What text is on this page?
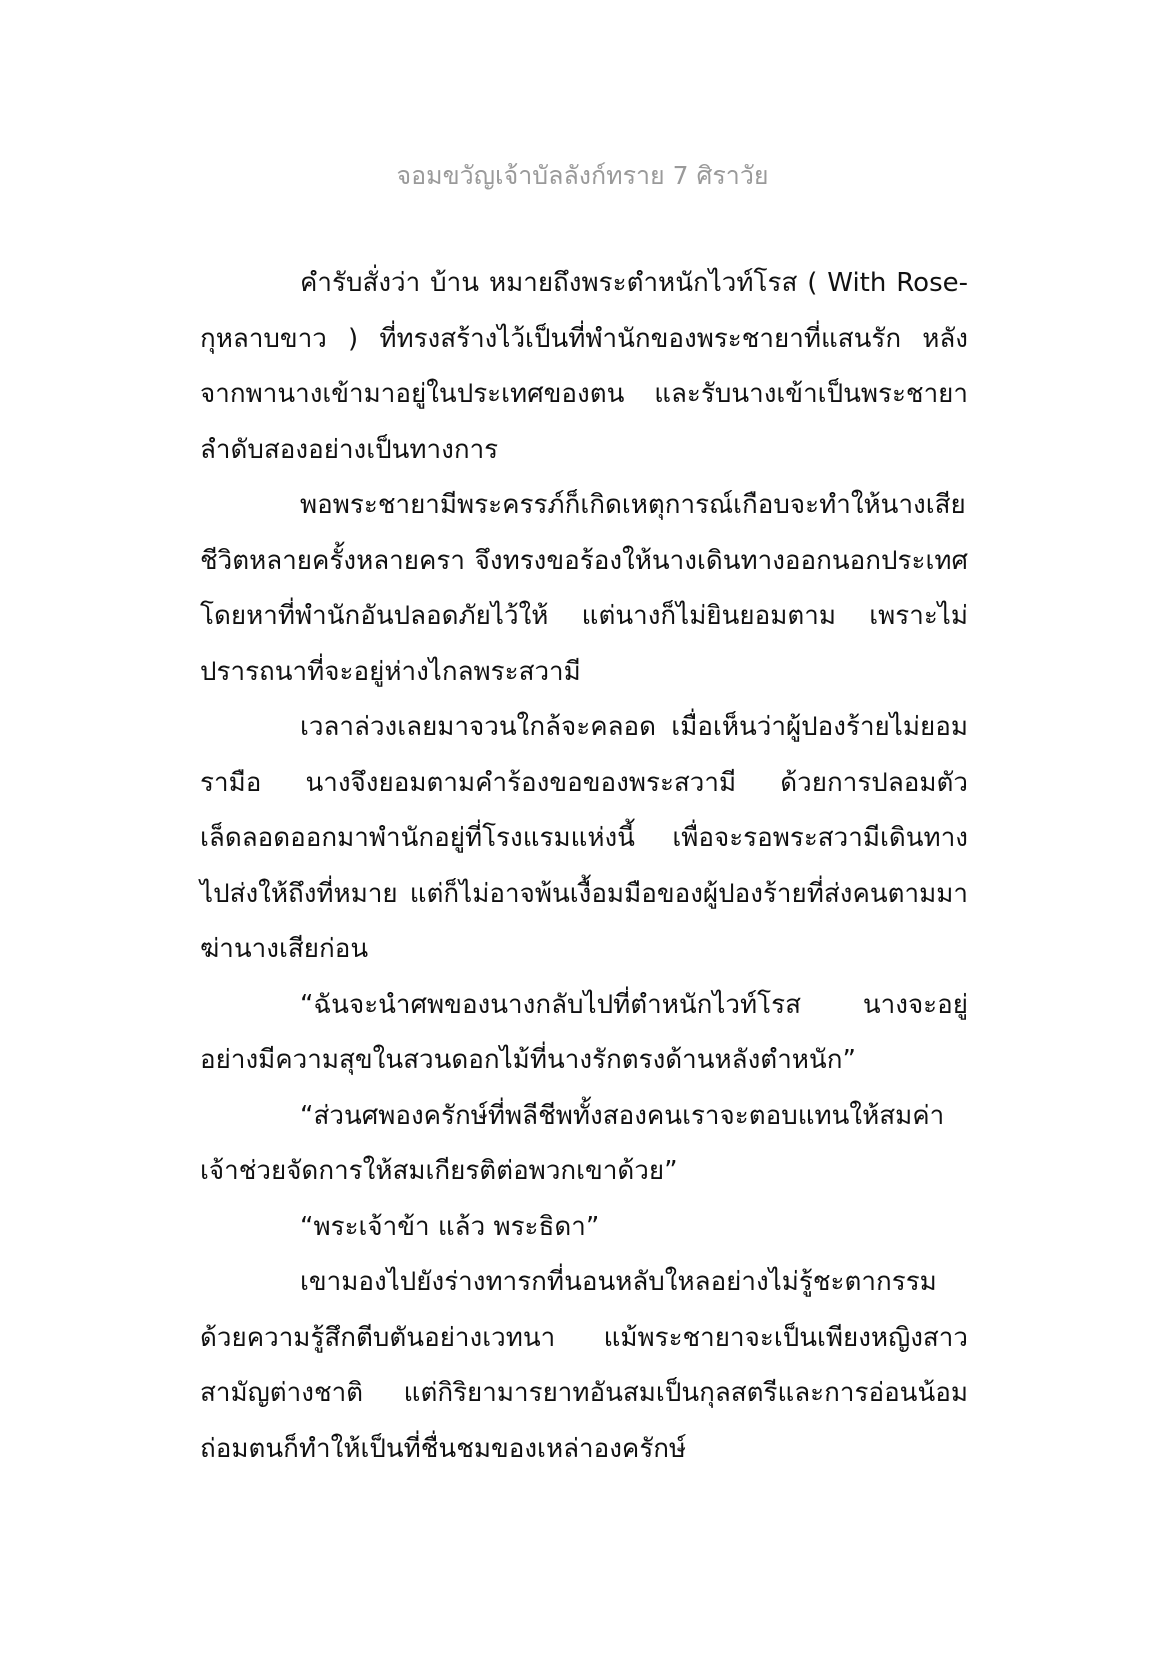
จอมขวัญเจ้าบัลลังก์ทราย 7 ศิราวัย

คำรับสั่งว่า บ้าน หมายถึงพระตำหนักไวท์โรส ( With Rose-กุหลาบขาว ) ที่ทรงสร้างไว้เป็นที่พำนักของพระชายาที่แสนรัก หลังจากพานางเข้ามาอยู่ในประเทศของตน และรับนางเข้าเป็นพระชายาลำดับสองอย่างเป็นทางการ

พอพระชายามีพระครรภ์ก็เกิดเหตุการณ์เกือบจะทำให้นางเสียชีวิตหลายครั้งหลายครา จึงทรงขอร้องให้นางเดินทางออกนอกประเทศ โดยหาที่พำนักอันปลอดภัยไว้ให้ แต่นางก็ไม่ยินยอมตาม เพราะไม่ปรารถนาที่จะอยู่ห่างไกลพระสวามี

เวลาล่วงเลยมาจวนใกล้จะคลอด เมื่อเห็นว่าผู้ปองร้ายไม่ยอมรามือ นางจึงยอมตามคำร้องขอของพระสวามี ด้วยการปลอมตัวเล็ดลอดออกมาพำนักอยู่ที่โรงแรมแห่งนี้ เพื่อจะรอพระสวามีเดินทางไปส่งให้ถึงที่หมาย แต่ก็ไม่อาจพ้นเงื้อมมือของผู้ปองร้ายที่ส่งคนตามมาฆ่านางเสียก่อน

“ฉันจะนำศพของนางกลับไปที่ตำหนักไวท์โรส นางจะอยู่อย่างมีความสุขในสวนดอกไม้ที่นางรักตรงด้านหลังตำหนัก”

“ส่วนศพองครักษ์ที่พลีชีพทั้งสองคนเราจะตอบแทนให้สมค่า เจ้าช่วยจัดการให้สมเกียรติต่อพวกเขาด้วย”

“พระเจ้าข้า แล้ว พระธิดา”

เขามองไปยังร่างทารกที่นอนหลับใหลอย่างไม่รู้ชะตากรรม ด้วยความรู้สึกตีบตันอย่างเวทนา แม้พระชายาจะเป็นเพียงหญิงสาวสามัญต่างชาติ แต่กิริยามารยาทอันสมเป็นกุลสตรีและการอ่อนน้อมถ่อมตนก็ทำให้เป็นที่ชื่นชมของเหล่าองครักษ์
